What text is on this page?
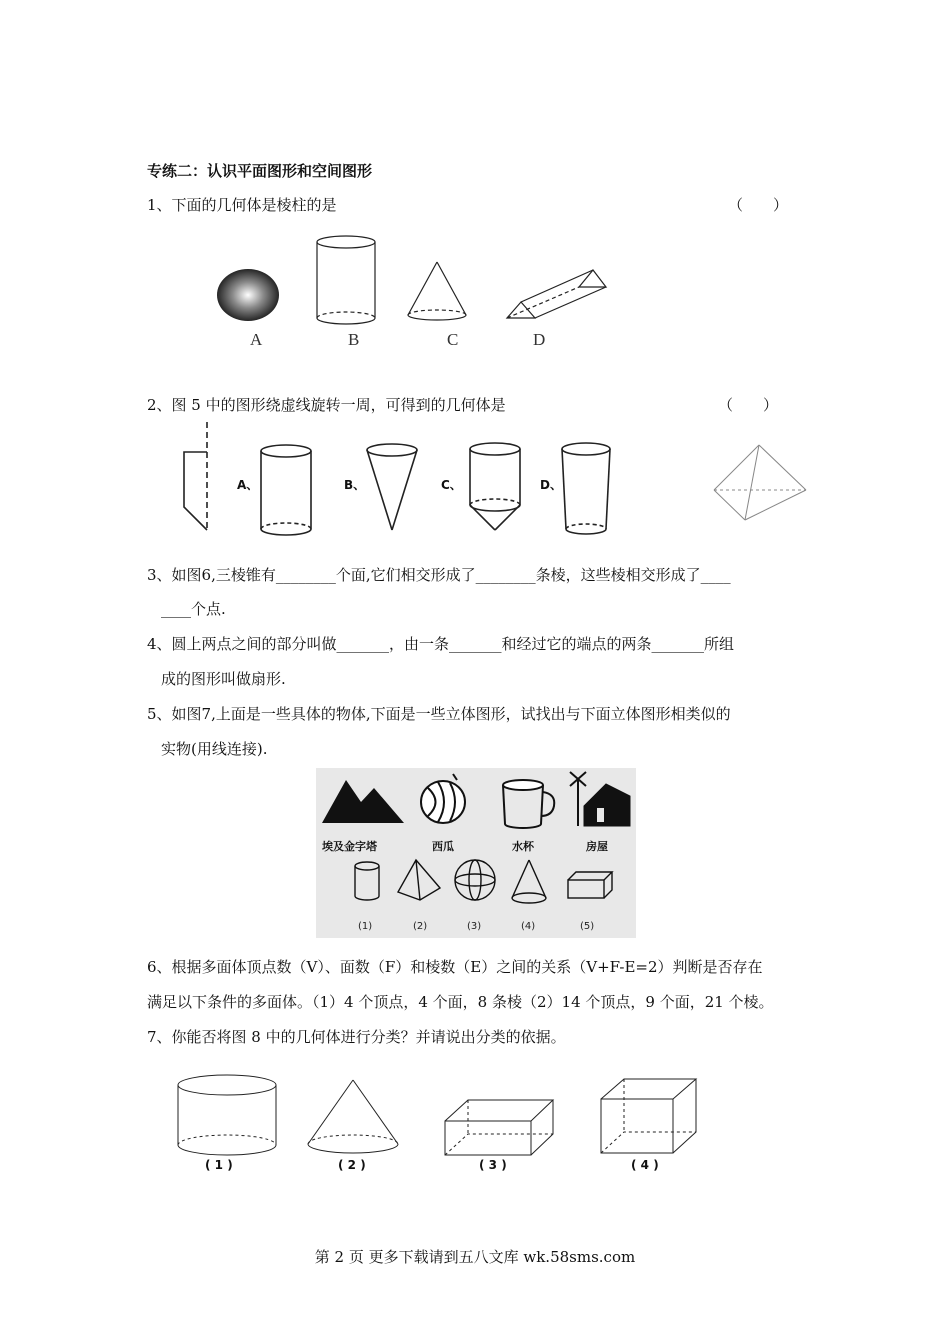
专练二：认识平面图形和空间图形
1、下面的几何体是棱柱的是	（　　）
A	B	C	D
2、图 5 中的图形绕虚线旋转一周，可得到的几何体是	（　　）
A、	B、	C、	D、
3、如图6,三棱锥有________个面,它们相交形成了________条棱，这些棱相交形成了____
____个点.
4、圆上两点之间的部分叫做_______，由一条_______和经过它的端点的两条_______所组
成的图形叫做扇形.
5、如图7,上面是一些具体的物体,下面是一些立体图形，试找出与下面立体图形相类似的
实物(用线连接).
埃及金字塔	西瓜	水杯	房屋
(1)	(2)	(3)	(4)	(5)
6、根据多面体顶点数（V）、面数（F）和棱数（E）之间的关系（V+F-E=2）判断是否存在
满足以下条件的多面体。（1）4 个顶点，4 个面，8 条棱（2）14 个顶点，9 个面，21 个棱。
7、你能否将图 8 中的几何体进行分类？并请说出分类的依据。
( 1 )	( 2 )	( 3 )	( 4 )
第 2 页 更多下载请到五八文库 wk.58sms.com
